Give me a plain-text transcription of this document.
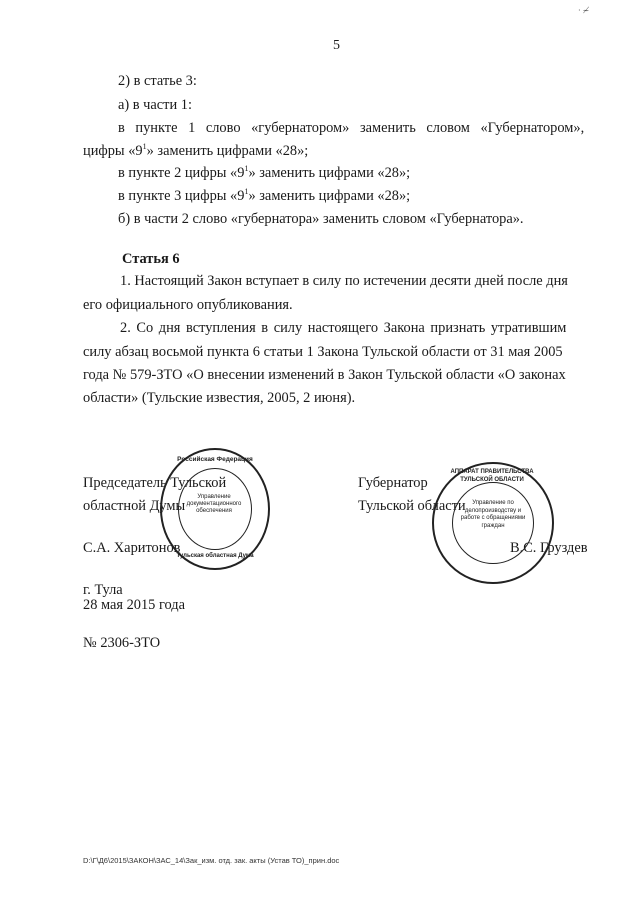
5
· ≁
2) в статье 3:
а) в части 1:
в пункте 1 слово «губернатором» заменить словом «Губернатором»,
цифры «$9^1$» заменить цифрами «28»;
в пункте 2 цифры «$9^1$» заменить цифрами «28»;
в пункте 3 цифры «$9^1$» заменить цифрами «28»;
б) в части 2 слово «губернатора» заменить словом «Губернатора».
Статья 6
1. Настоящий Закон вступает в силу по истечении десяти дней после дня
его официального опубликования.
2. Со дня вступления в силу настоящего Закона признать утратившим
силу абзац восьмой пункта 6 статьи 1 Закона Тульской области от 31 мая 2005
года № 579-ЗТО «О внесении изменений в Закон Тульской области «О законах
области» (Тульские известия, 2005, 2 июня).
Председатель Тульской
областной Думы
С.А. Харитонов
Губернатор
Тульской области
В.С. Груздев
Российская Федерация
Управление документационного обеспечения
Тульская областная Дума
АППАРАТ ПРАВИТЕЛЬСТВА ТУЛЬСКОЙ ОБЛАСТИ
Управление по делопроизводству и работе с обращениями граждан
г. Тула
28 мая 2015 года
№ 2306-ЗТО
D:\Г\Д6\2015\ЗАКОН\ЗАС_14\Зак_изм. отд. зак. акты (Устав ТО)_прин.doc
